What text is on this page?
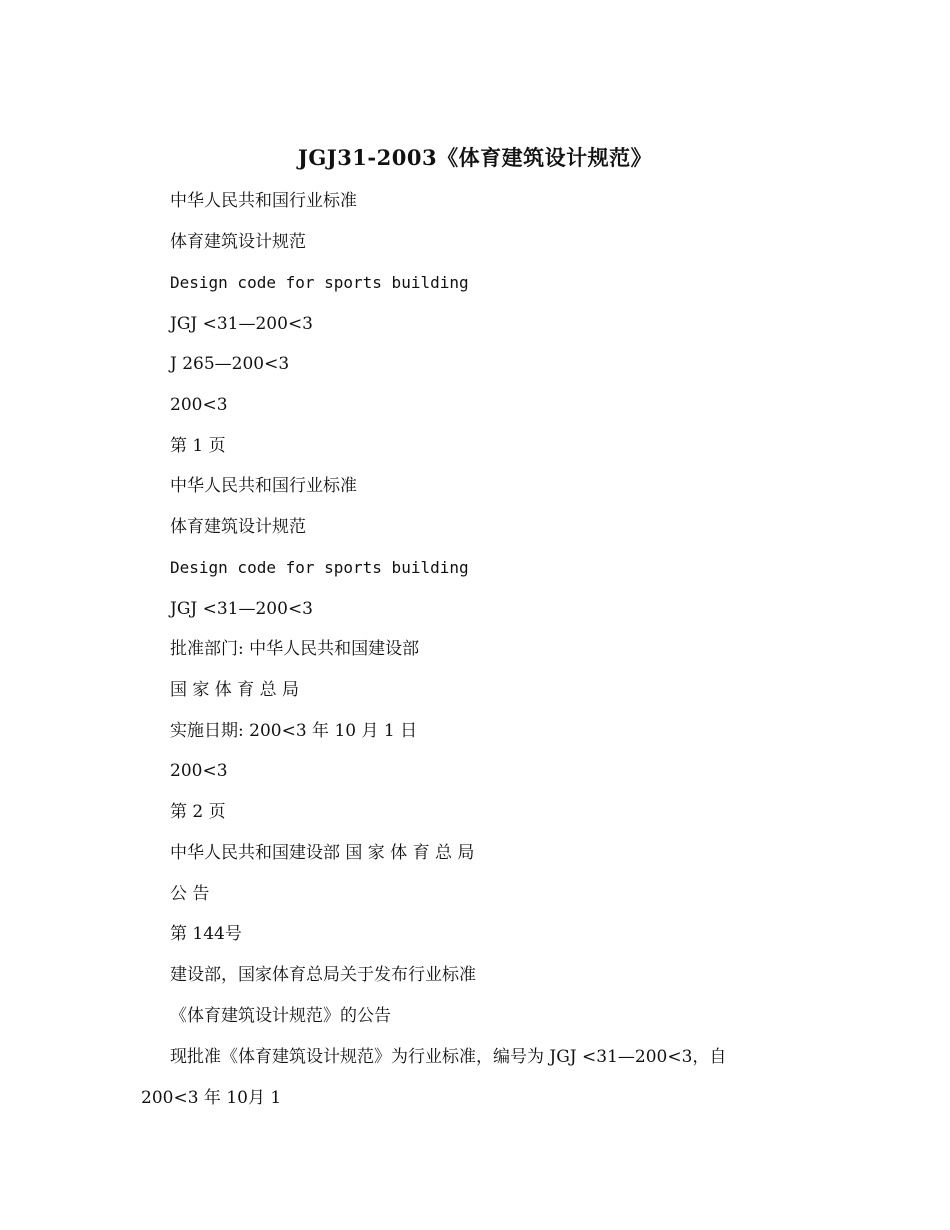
JGJ31-2003《体育建筑设计规范》
中华人民共和国行业标准
体育建筑设计规范
Design code for sports building
JGJ <31—200<3
J 265—200<3
200<3
第 1 页
中华人民共和国行业标准
体育建筑设计规范
Design code for sports building
JGJ <31—200<3
批准部门: 中华人民共和国建设部
国 家 体 育 总 局
实施日期: 200<3 年 10 月 1 日
200<3
第 2 页
中华人民共和国建设部 国 家 体 育 总 局
公 告
第 144号
建设部，国家体育总局关于发布行业标准
《体育建筑设计规范》的公告
现批准《体育建筑设计规范》为行业标准，编号为 JGJ <31—200<3，自
200<3 年 10月 1
